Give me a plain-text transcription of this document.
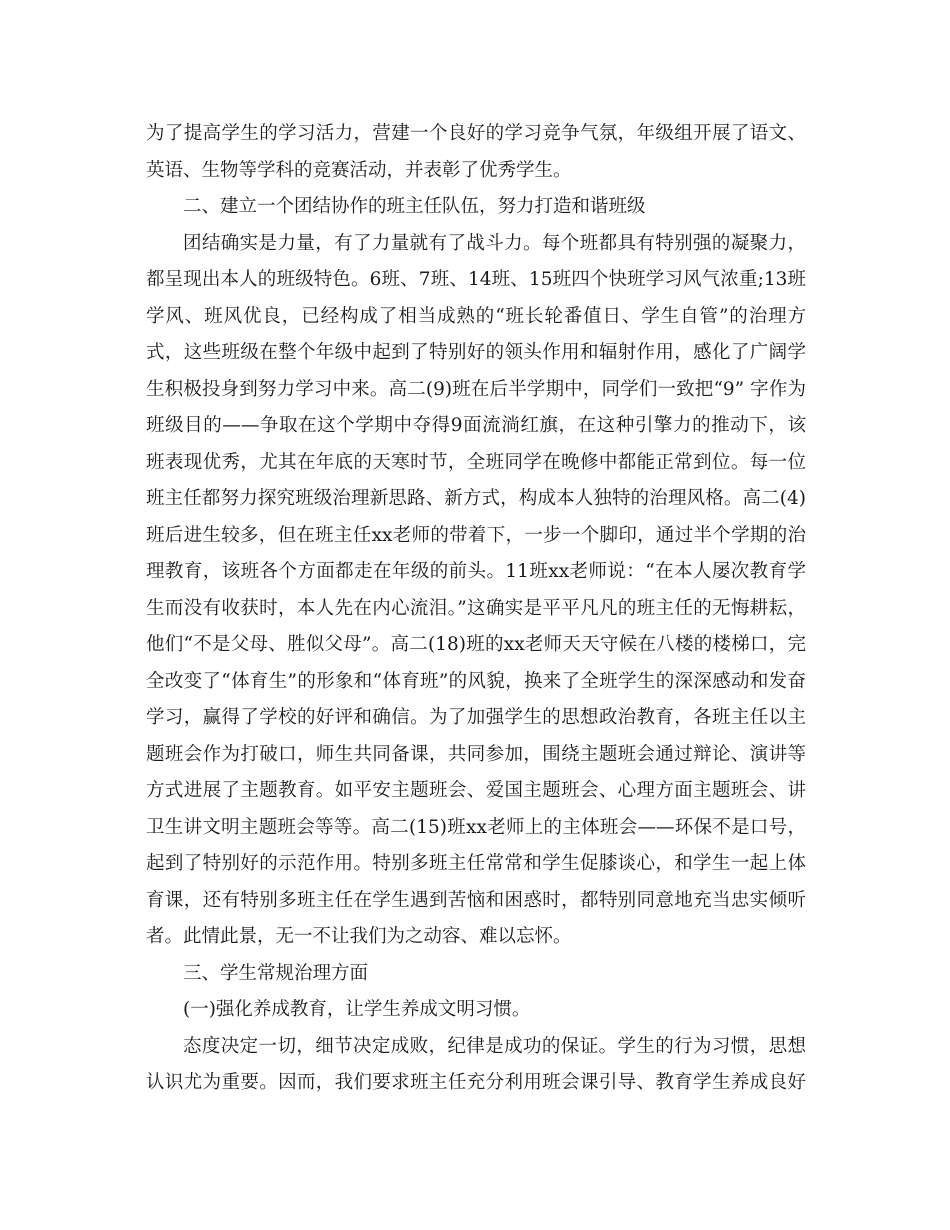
为了提高学生的学习活力，营建一个良好的学习竞争气氛，年级组开展了语文、
英语、生物等学科的竞赛活动，并表彰了优秀学生。
二、建立一个团结协作的班主任队伍，努力打造和谐班级
团结确实是力量，有了力量就有了战斗力。每个班都具有特别强的凝聚力，
都呈现出本人的班级特色。6班、7班、14班、15班四个快班学习风气浓重;13班
学风、班风优良，已经构成了相当成熟的“班长轮番值日、学生自管”的治理方
式，这些班级在整个年级中起到了特别好的领头作用和辐射作用，感化了广阔学
生积极投身到努力学习中来。高二(9)班在后半学期中，同学们一致把“9” 字作为
班级目的——争取在这个学期中夺得9面流淌红旗，在这种引擎力的推动下，该
班表现优秀，尤其在年底的天寒时节，全班同学在晚修中都能正常到位。每一位
班主任都努力探究班级治理新思路、新方式，构成本人独特的治理风格。高二(4)
班后进生较多，但在班主任xx老师的带着下，一步一个脚印，通过半个学期的治
理教育，该班各个方面都走在年级的前头。11班xx老师说：“在本人屡次教育学
生而没有收获时，本人先在内心流泪。”这确实是平平凡凡的班主任的无悔耕耘，
他们“不是父母、胜似父母”。高二(18)班的xx老师天天守候在八楼的楼梯口，完
全改变了“体育生”的形象和“体育班”的风貌，换来了全班学生的深深感动和发奋
学习，赢得了学校的好评和确信。为了加强学生的思想政治教育，各班主任以主
题班会作为打破口，师生共同备课，共同参加，围绕主题班会通过辩论、演讲等
方式进展了主题教育。如平安主题班会、爱国主题班会、心理方面主题班会、讲
卫生讲文明主题班会等等。高二(15)班xx老师上的主体班会——环保不是口号，
起到了特别好的示范作用。特别多班主任常常和学生促膝谈心，和学生一起上体
育课，还有特别多班主任在学生遇到苦恼和困惑时，都特别同意地充当忠实倾听
者。此情此景，无一不让我们为之动容、难以忘怀。
三、学生常规治理方面
(一)强化养成教育，让学生养成文明习惯。
态度决定一切，细节决定成败，纪律是成功的保证。学生的行为习惯，思想
认识尤为重要。因而，我们要求班主任充分利用班会课引导、教育学生养成良好
